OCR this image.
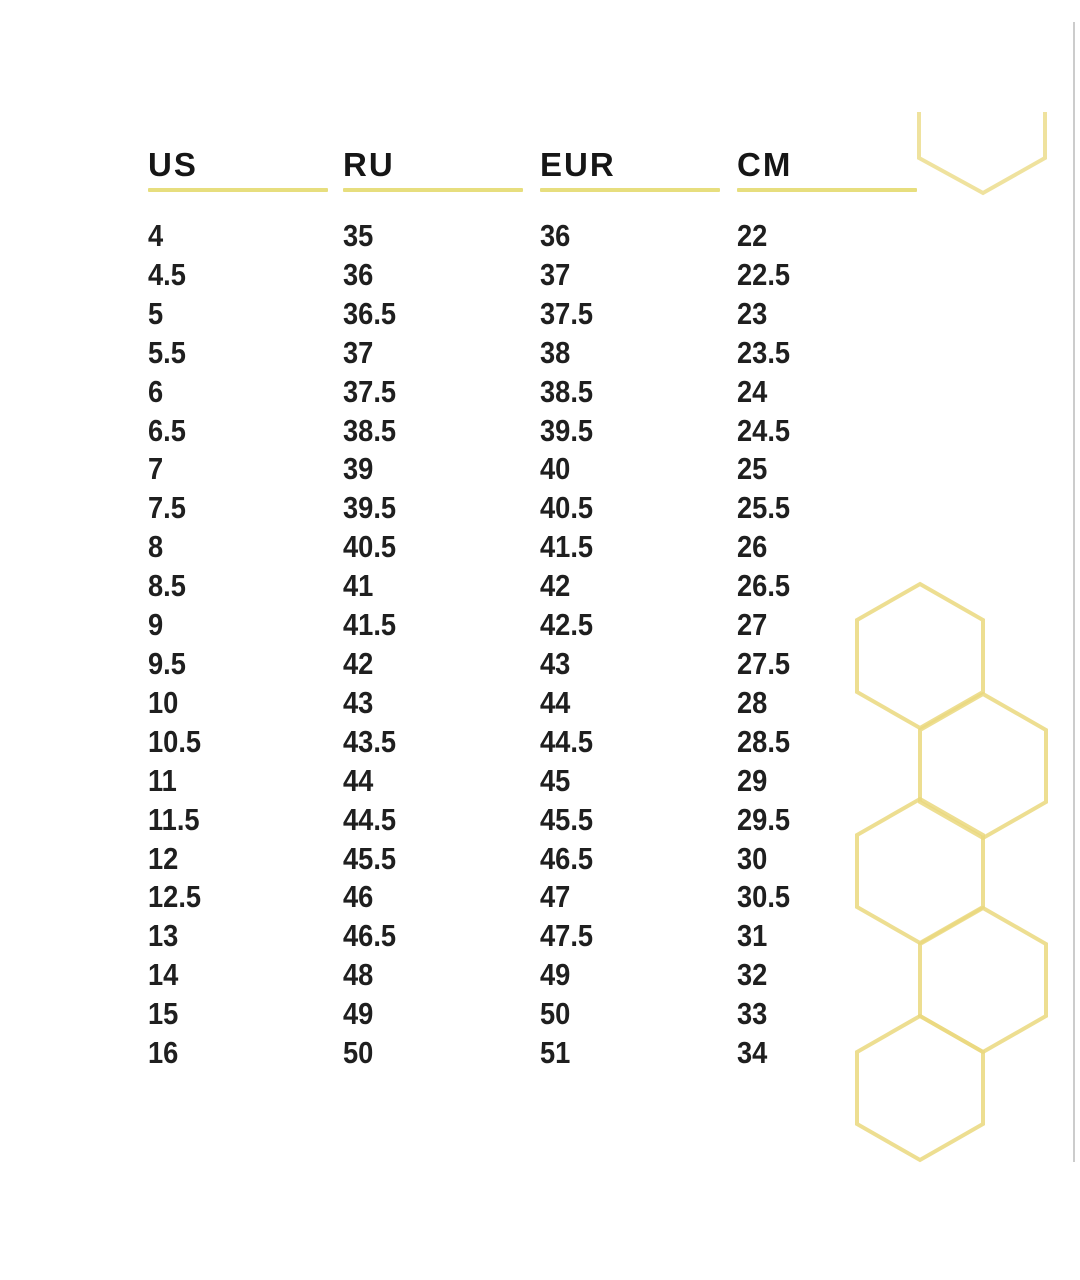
US	RU	EUR	CM
4	35	36	22
4.5	36	37	22.5
5	36.5	37.5	23
5.5	37	38	23.5
6	37.5	38.5	24
6.5	38.5	39.5	24.5
7	39	40	25
7.5	39.5	40.5	25.5
8	40.5	41.5	26
8.5	41	42	26.5
9	41.5	42.5	27
9.5	42	43	27.5
10	43	44	28
10.5	43.5	44.5	28.5
11	44	45	29
11.5	44.5	45.5	29.5
12	45.5	46.5	30
12.5	46	47	30.5
13	46.5	47.5	31
14	48	49	32
15	49	50	33
16	50	51	34
